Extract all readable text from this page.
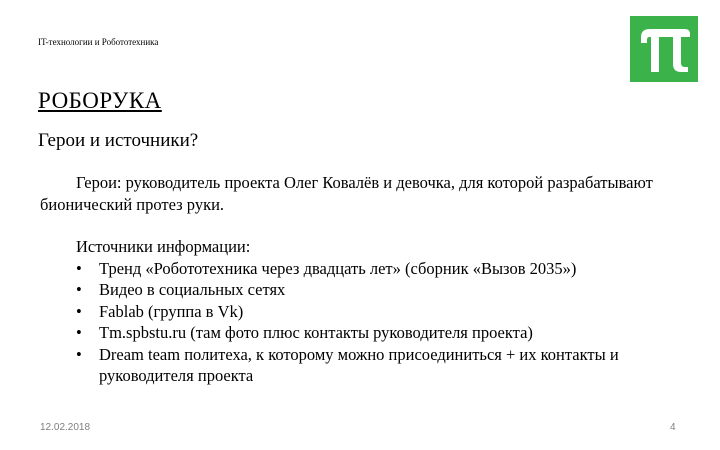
IT-технологии и Робототехника
РОБОРУКА
Герои и источники?

Герои: руководитель проекта Олег Ковалёв и девочка, для которой разрабатывают бионический протез руки.

Источники информации:

• Тренд «Робототехника через двадцать лет» (сборник «Вызов 2035»)
• Видео в социальных сетях
• Fablab (группа в Vk)
• Tm.spbstu.ru (там фото плюс контакты руководителя проекта)
• Dream team политеха, к которому можно присоединиться + их контакты и руководителя проекта
12.02.2018	4
